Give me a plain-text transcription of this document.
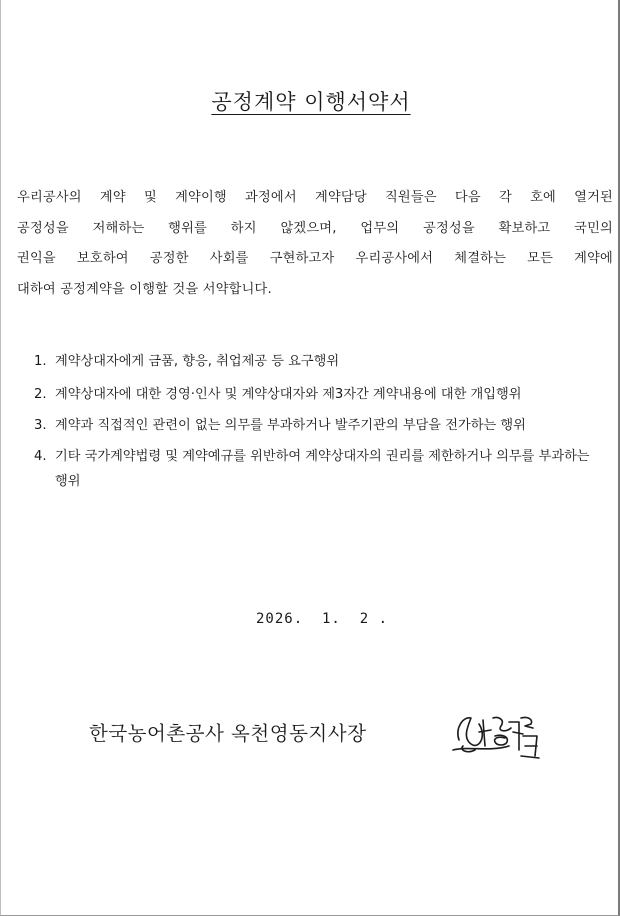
공정계약 이행서약서
우리공사의 계약 및 계약이행 과정에서 계약담당 직원들은 다음 각 호에 열거된
공정성을 저해하는 행위를 하지 않겠으며, 업무의 공정성을 확보하고 국민의
권익을 보호하여 공정한 사회를 구현하고자 우리공사에서 체결하는 모든 계약에
대하여 공정계약을 이행할 것을 서약합니다.
1. 계약상대자에게 금품, 향응, 취업제공 등 요구행위
2. 계약상대자에 대한 경영·인사 및 계약상대자와 제3자간 계약내용에 대한 개입행위
3. 계약과 직접적인 관련이 없는 의무를 부과하거나 발주기관의 부담을 전가하는 행위
4. 기타 국가계약법령 및 계약예규를 위반하여 계약상대자의 권리를 제한하거나 의무를 부과하는 행위
2026.  1.  2 .
한국농어촌공사 옥천영동지사장
